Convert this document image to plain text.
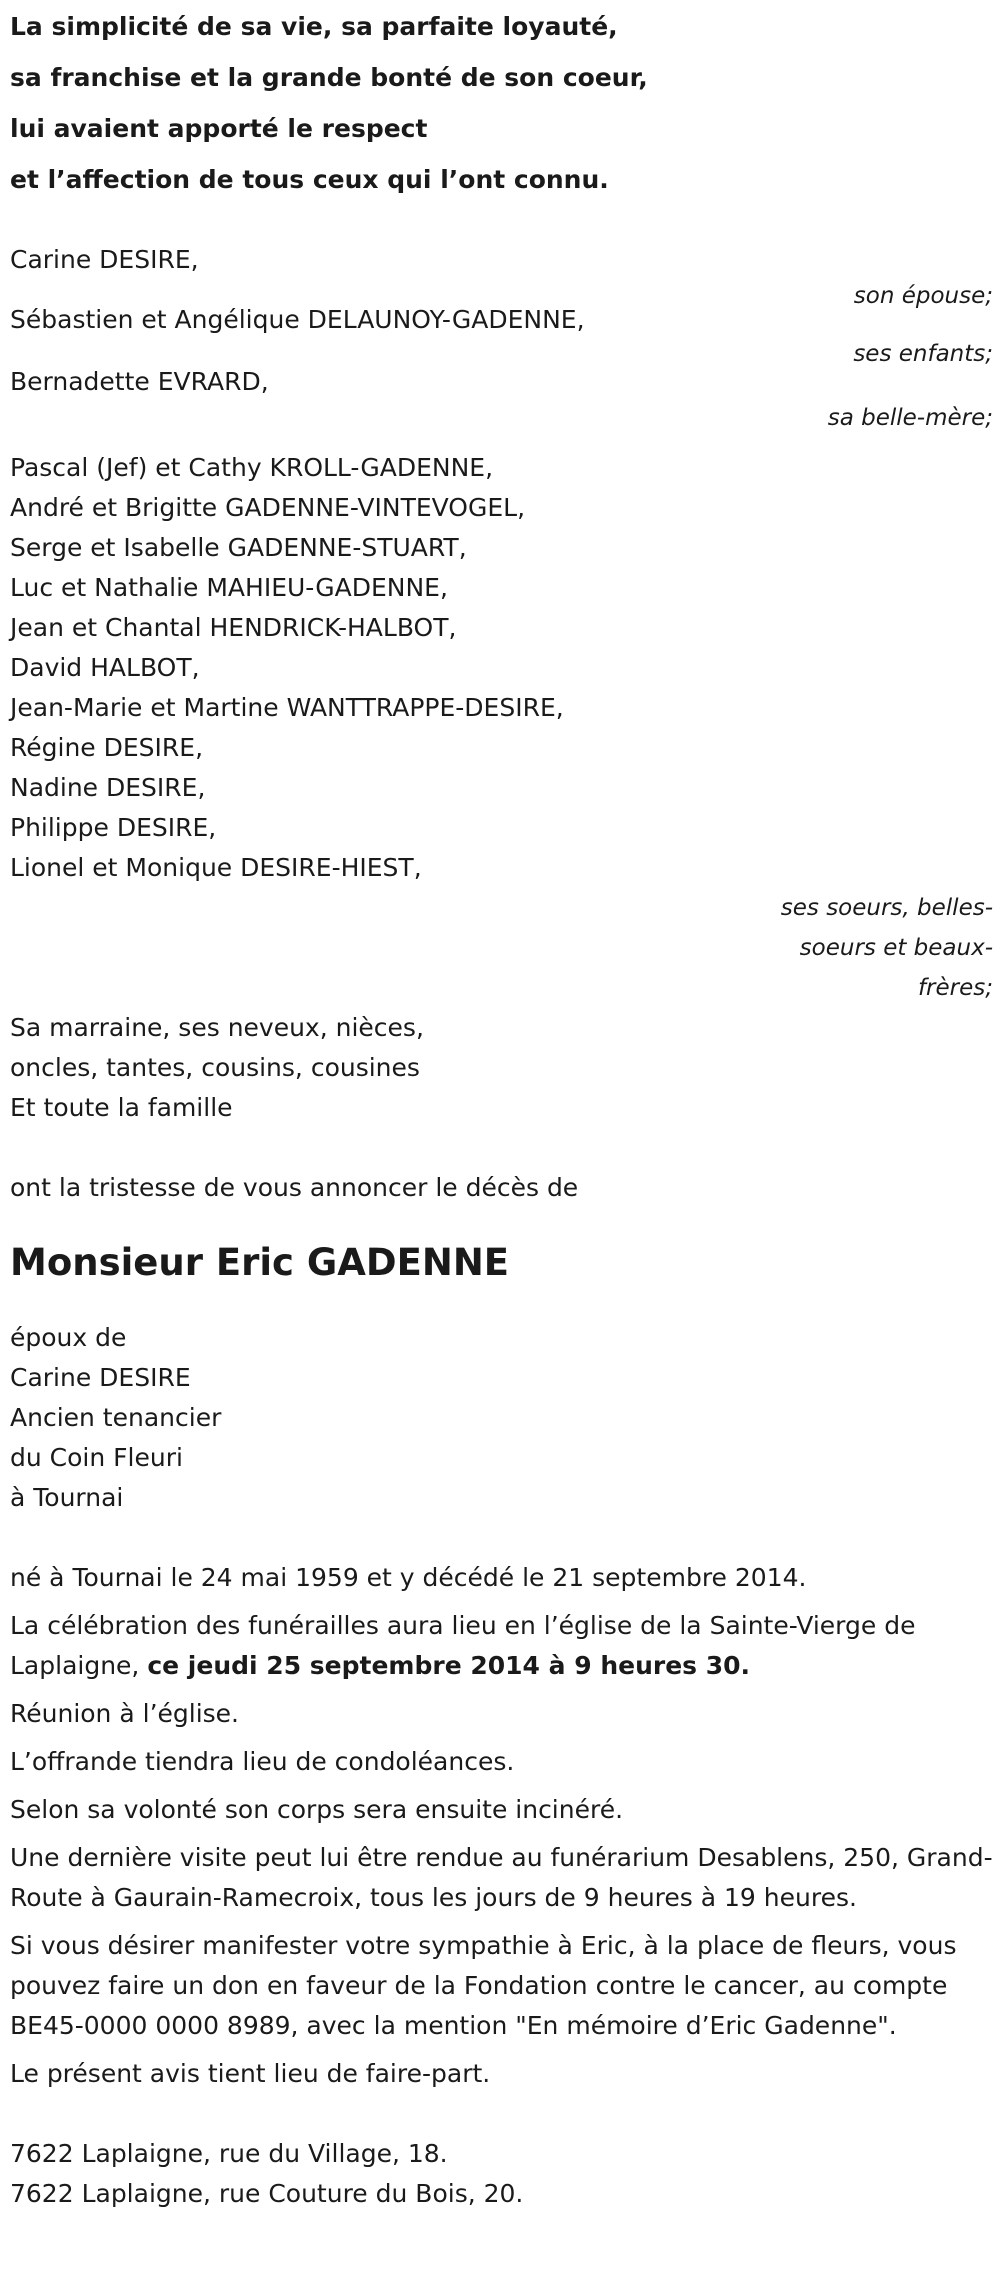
La simplicité de sa vie, sa parfaite loyauté,

sa franchise et la grande bonté de son coeur,

lui avaient apporté le respect

et l’affection de tous ceux qui l’ont connu.

Carine DESIRE,

son épouse;

Sébastien et Angélique DELAUNOY-GADENNE,

ses enfants;

Bernadette EVRARD,

sa belle-mère;

Pascal (Jef) et Cathy KROLL-GADENNE,
André et Brigitte GADENNE-VINTEVOGEL,
Serge et Isabelle GADENNE-STUART,
Luc et Nathalie MAHIEU-GADENNE,
Jean et Chantal HENDRICK-HALBOT,
David HALBOT,
Jean-Marie et Martine WANTTRAPPE-DESIRE,
Régine DESIRE,
Nadine DESIRE,
Philippe DESIRE,
Lionel et Monique DESIRE-HIEST,
ses soeurs, belles-
soeurs et beaux-
frères;
Sa marraine, ses neveux, nièces,
oncles, tantes, cousins, cousines
Et toute la famille

ont la tristesse de vous annoncer le décès de

Monsieur Eric GADENNE
époux de
Carine DESIRE
Ancien tenancier
du Coin Fleuri
à Tournai

né à Tournai le 24 mai 1959 et y décédé le 21 septembre 2014.

La célébration des funérailles aura lieu en l’église de la Sainte-Vierge de Laplaigne, ce jeudi 25 septembre 2014 à 9 heures 30.

Réunion à l’église.

L’offrande tiendra lieu de condoléances.

Selon sa volonté son corps sera ensuite incinéré.

Une dernière visite peut lui être rendue au funérarium Desablens, 250, Grand-Route à Gaurain-Ramecroix, tous les jours de 9 heures à 19 heures.

Si vous désirer manifester votre sympathie à Eric, à la place de fleurs, vous pouvez faire un don en faveur de la Fondation contre le cancer, au compte BE45-0000 0000 8989, avec la mention "En mémoire d’Eric Gadenne".

Le présent avis tient lieu de faire-part.

7622 Laplaigne, rue du Village, 18.
7622 Laplaigne, rue Couture du Bois, 20.
